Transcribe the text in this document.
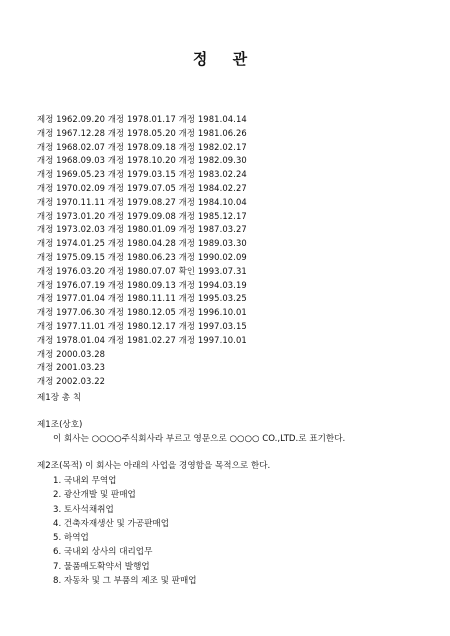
정 관
제정 1962.09.20 개정 1978.01.17 개정 1981.04.14
개정 1967.12.28 개정 1978.05.20 개정 1981.06.26
개정 1968.02.07 개정 1978.09.18 개정 1982.02.17
개정 1968.09.03 개정 1978.10.20 개정 1982.09.30
개정 1969.05.23 개정 1979.03.15 개정 1983.02.24
개정 1970.02.09 개정 1979.07.05 개정 1984.02.27
개정 1970.11.11 개정 1979.08.27 개정 1984.10.04
개정 1973.01.20 개정 1979.09.08 개정 1985.12.17
개정 1973.02.03 개정 1980.01.09 개정 1987.03.27
개정 1974.01.25 개정 1980.04.28 개정 1989.03.30
개정 1975.09.15 개정 1980.06.23 개정 1990.02.09
개정 1976.03.20 개정 1980.07.07 확인 1993.07.31
개정 1976.07.19 개정 1980.09.13 개정 1994.03.19
개정 1977.01.04 개정 1980.11.11 개정 1995.03.25
개정 1977.06.30 개정 1980.12.05 개정 1996.10.01
개정 1977.11.01 개정 1980.12.17 개정 1997.03.15
개정 1978.01.04 개정 1981.02.27 개정 1997.10.01
개정 2000.03.28
개정 2001.03.23
개정 2002.03.22
제1장 총 칙
제1조(상호)
이 회사는 ○○○○주식회사라 부르고 영문으로 ○○○○ CO.,LTD.로 표기한다.
제2조(목적) 이 회사는 아래의 사업을 경영함을 목적으로 한다.
1. 국내외 무역업
2. 광산개발 및 판매업
3. 토사석채취업
4. 건축자재생산 및 가공판매업
5. 하역업
6. 국내외 상사의 대리업무
7. 물품매도확약서 발행업
8. 자동차 및 그 부품의 제조 및 판매업
